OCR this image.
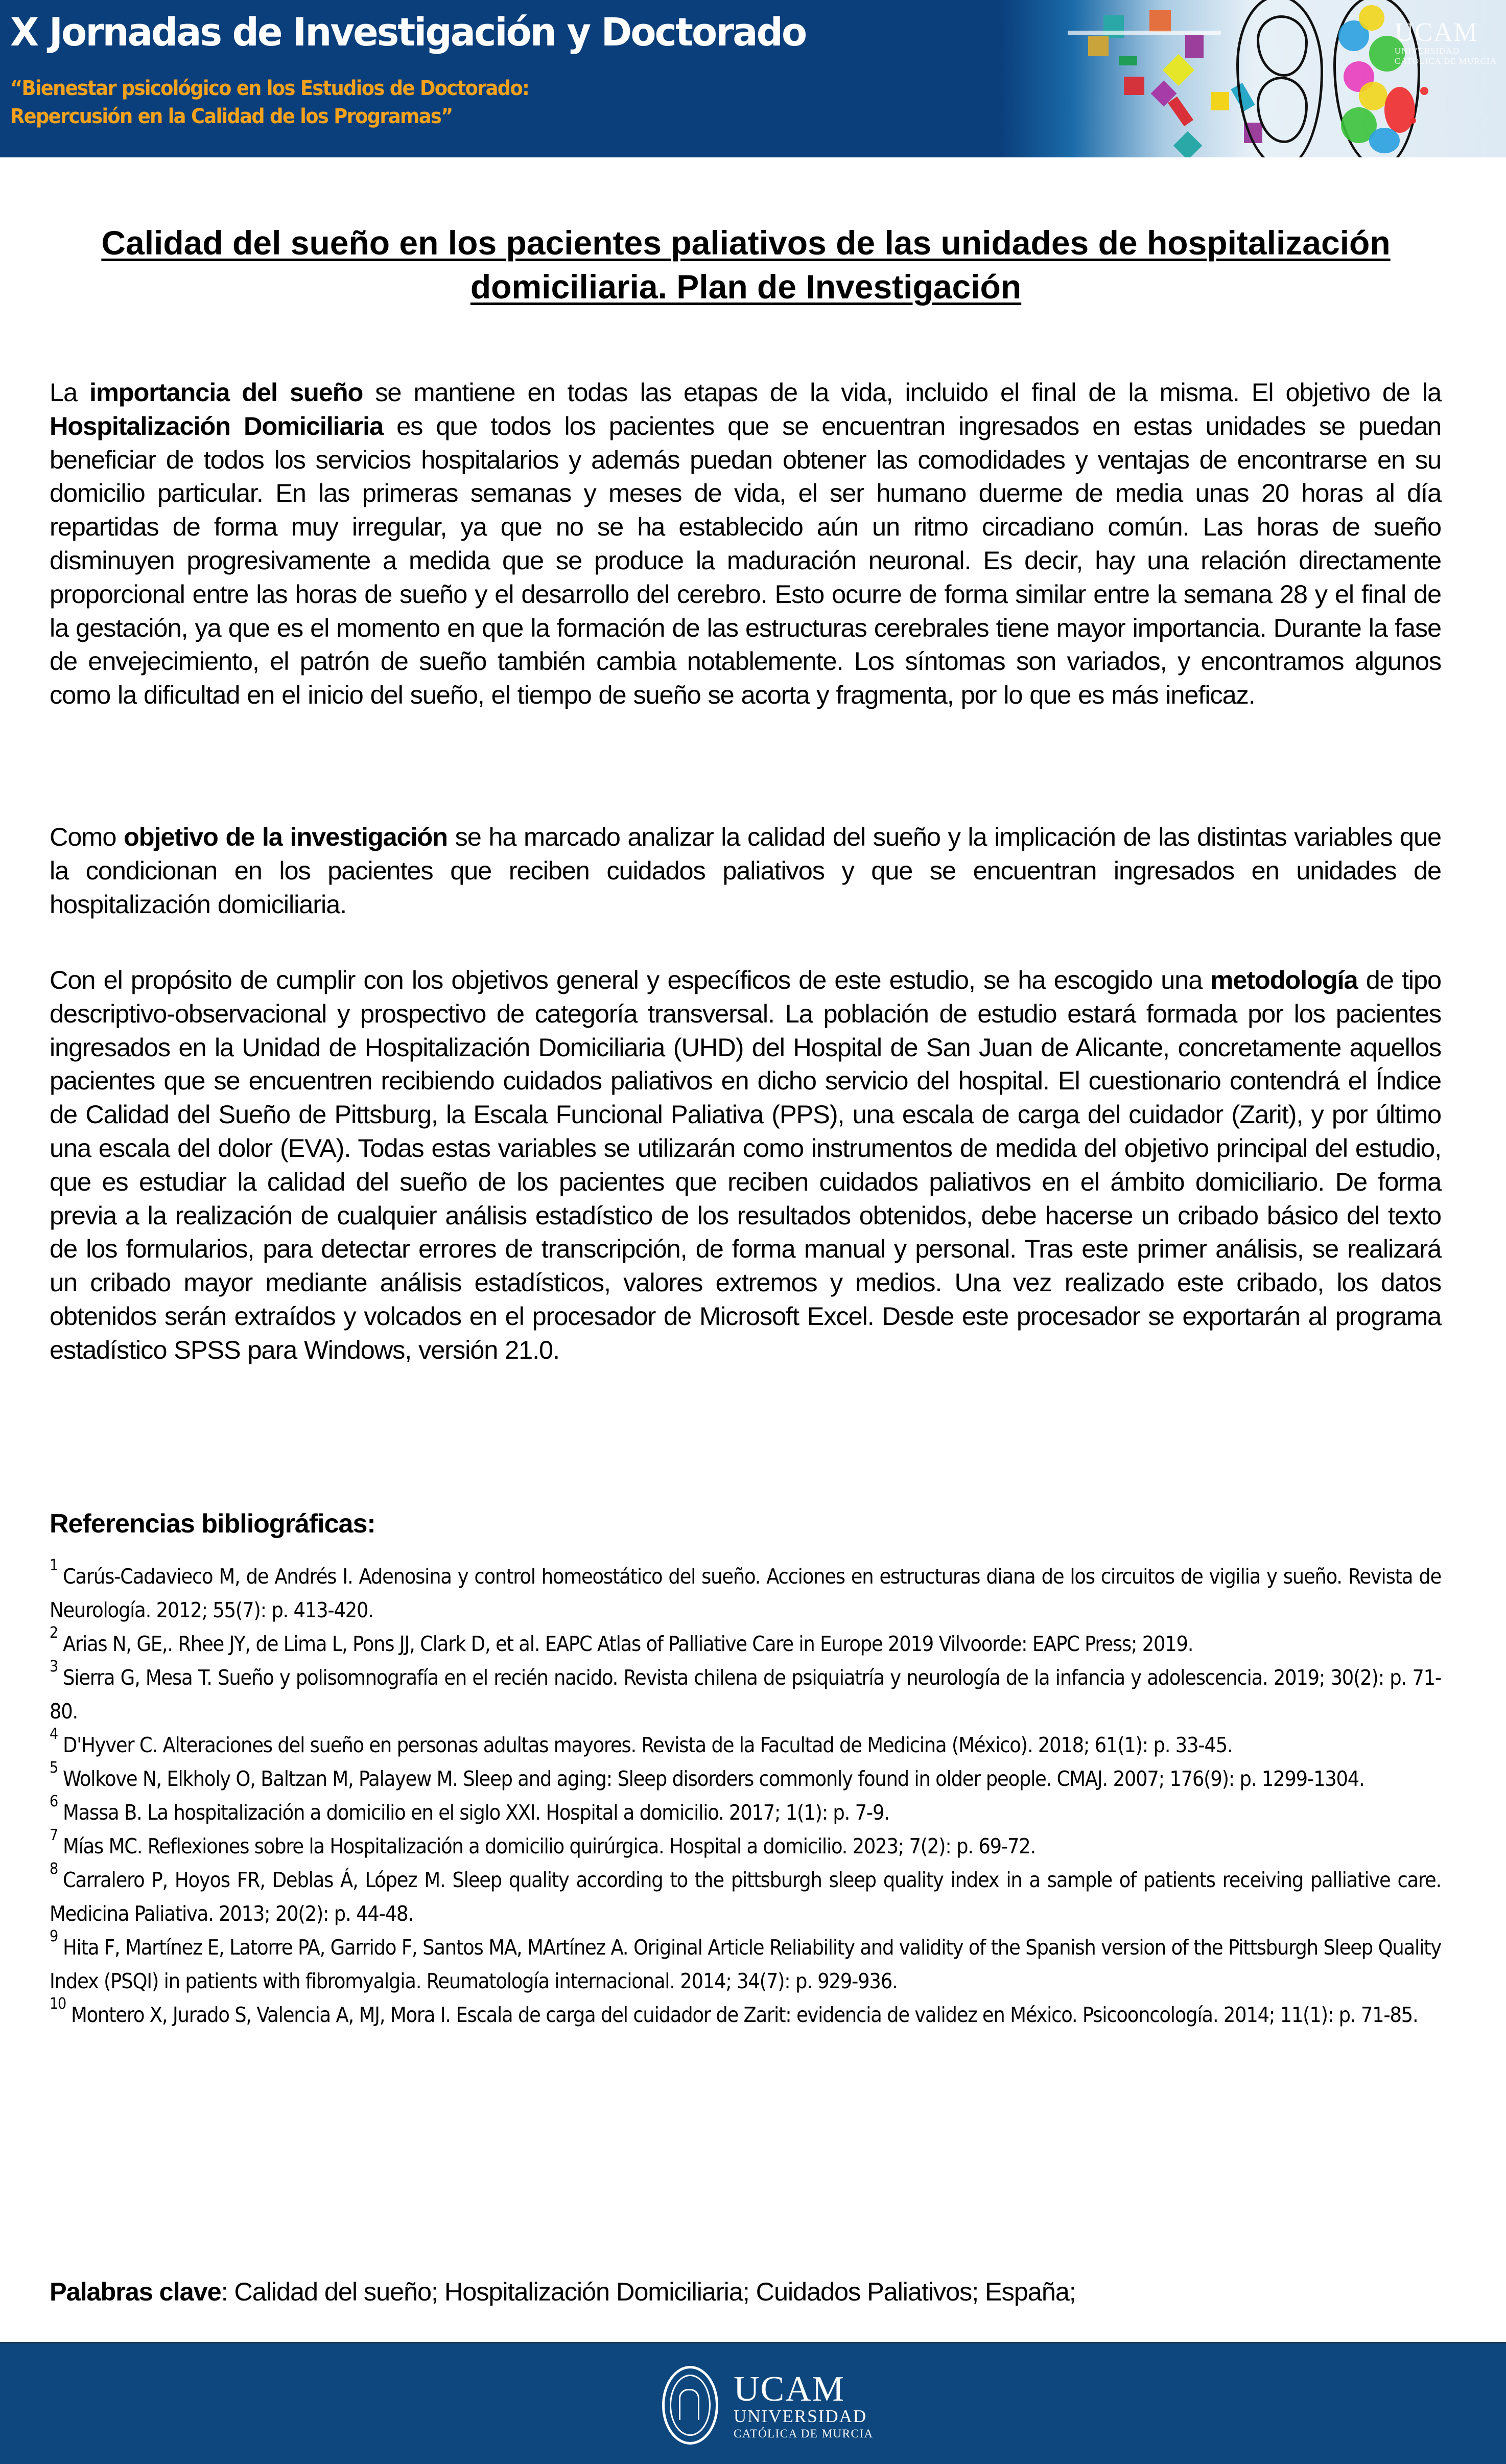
X Jornadas de Investigación y Doctorado
“Bienestar psicológico en los Estudios de Doctorado:
Repercusión en la Calidad de los Programas”
UCAM
UNIVERSIDAD
CATÓLICA DE MURCIA
Calidad del sueño en los pacientes paliativos de las unidades de hospitalización domiciliaria. Plan de Investigación

La importancia del sueño se mantiene en todas las etapas de la vida, incluido el final de la misma. El objetivo de la Hospitalización Domiciliaria es que todos los pacientes que se encuentran ingresados en estas unidades se puedan beneficiar de todos los servicios hospitalarios y además puedan obtener las comodidades y ventajas de encontrarse en su domicilio particular. En las primeras semanas y meses de vida, el ser humano duerme de media unas 20 horas al día repartidas de forma muy irregular, ya que no se ha establecido aún un ritmo circadiano común. Las horas de sueño disminuyen progresivamente a medida que se produce la maduración neuronal. Es decir, hay una relación directamente proporcional entre las horas de sueño y el desarrollo del cerebro. Esto ocurre de forma similar entre la semana 28 y el final de la gestación, ya que es el momento en que la formación de las estructuras cerebrales tiene mayor importancia. Durante la fase de envejecimiento, el patrón de sueño también cambia notablemente. Los síntomas son variados, y encontramos algunos como la dificultad en el inicio del sueño, el tiempo de sueño se acorta y fragmenta, por lo que es más ineficaz.

Como objetivo de la investigación se ha marcado analizar la calidad del sueño y la implicación de las distintas variables que la condicionan en los pacientes que reciben cuidados paliativos y que se encuentran ingresados en unidades de hospitalización domiciliaria.

Con el propósito de cumplir con los objetivos general y específicos de este estudio, se ha escogido una metodología de tipo descriptivo-observacional y prospectivo de categoría transversal. La población de estudio estará formada por los pacientes ingresados en la Unidad de Hospitalización Domiciliaria (UHD) del Hospital de San Juan de Alicante, concretamente aquellos pacientes que se encuentren recibiendo cuidados paliativos en dicho servicio del hospital. El cuestionario contendrá el Índice de Calidad del Sueño de Pittsburg, la Escala Funcional Paliativa (PPS), una escala de carga del cuidador (Zarit), y por último una escala del dolor (EVA). Todas estas variables se utilizarán como instrumentos de medida del objetivo principal del estudio, que es estudiar la calidad del sueño de los pacientes que reciben cuidados paliativos en el ámbito domiciliario. De forma previa a la realización de cualquier análisis estadístico de los resultados obtenidos, debe hacerse un cribado básico del texto de los formularios, para detectar errores de transcripción, de forma manual y personal. Tras este primer análisis, se realizará un cribado mayor mediante análisis estadísticos, valores extremos y medios. Una vez realizado este cribado, los datos obtenidos serán extraídos y volcados en el procesador de Microsoft Excel. Desde este procesador se exportarán al programa estadístico SPSS para Windows, versión 21.0.

Referencias bibliográficas:
$^1$ Carús-Cadavieco M, de Andrés I. Adenosina y control homeostático del sueño. Acciones en estructuras diana de los circuitos de vigilia y sueño. Revista de Neurología. 2012; 55(7): p. 413-420.
$^2$ Arias N, GE,. Rhee JY, de Lima L, Pons JJ, Clark D, et al. EAPC Atlas of Palliative Care in Europe 2019 Vilvoorde: EAPC Press; 2019.
$^3$ Sierra G, Mesa T. Sueño y polisomnografía en el recién nacido. Revista chilena de psiquiatría y neurología de la infancia y adolescencia. 2019; 30(2): p. 71-80.
$^4$ D'Hyver C. Alteraciones del sueño en personas adultas mayores. Revista de la Facultad de Medicina (México). 2018; 61(1): p. 33-45.
$^5$ Wolkove N, Elkholy O, Baltzan M, Palayew M. Sleep and aging: Sleep disorders commonly found in older people. CMAJ. 2007; 176(9): p. 1299-1304.
$^6$ Massa B. La hospitalización a domicilio en el siglo XXI. Hospital a domicilio. 2017; 1(1): p. 7-9.
$^7$ Mías MC. Reflexiones sobre la Hospitalización a domicilio quirúrgica. Hospital a domicilio. 2023; 7(2): p. 69-72.
$^8$ Carralero P, Hoyos FR, Deblas Á, López M. Sleep quality according to the pittsburgh sleep quality index in a sample of patients receiving palliative care. Medicina Paliativa. 2013; 20(2): p. 44-48.
$^9$ Hita F, Martínez E, Latorre PA, Garrido F, Santos MA, MArtínez A. Original Article Reliability and validity of the Spanish version of the Pittsburgh Sleep Quality Index (PSQI) in patients with fibromyalgia. Reumatología internacional. 2014; 34(7): p. 929-936.
$^{10}$ Montero X, Jurado S, Valencia A, MJ, Mora I. Escala de carga del cuidador de Zarit: evidencia de validez en México. Psicooncología. 2014; 11(1): p. 71-85.

Palabras clave: Calidad del sueño; Hospitalización Domiciliaria; Cuidados Paliativos; España;

UCAM
UNIVERSIDAD
CATÓLICA DE MURCIA
